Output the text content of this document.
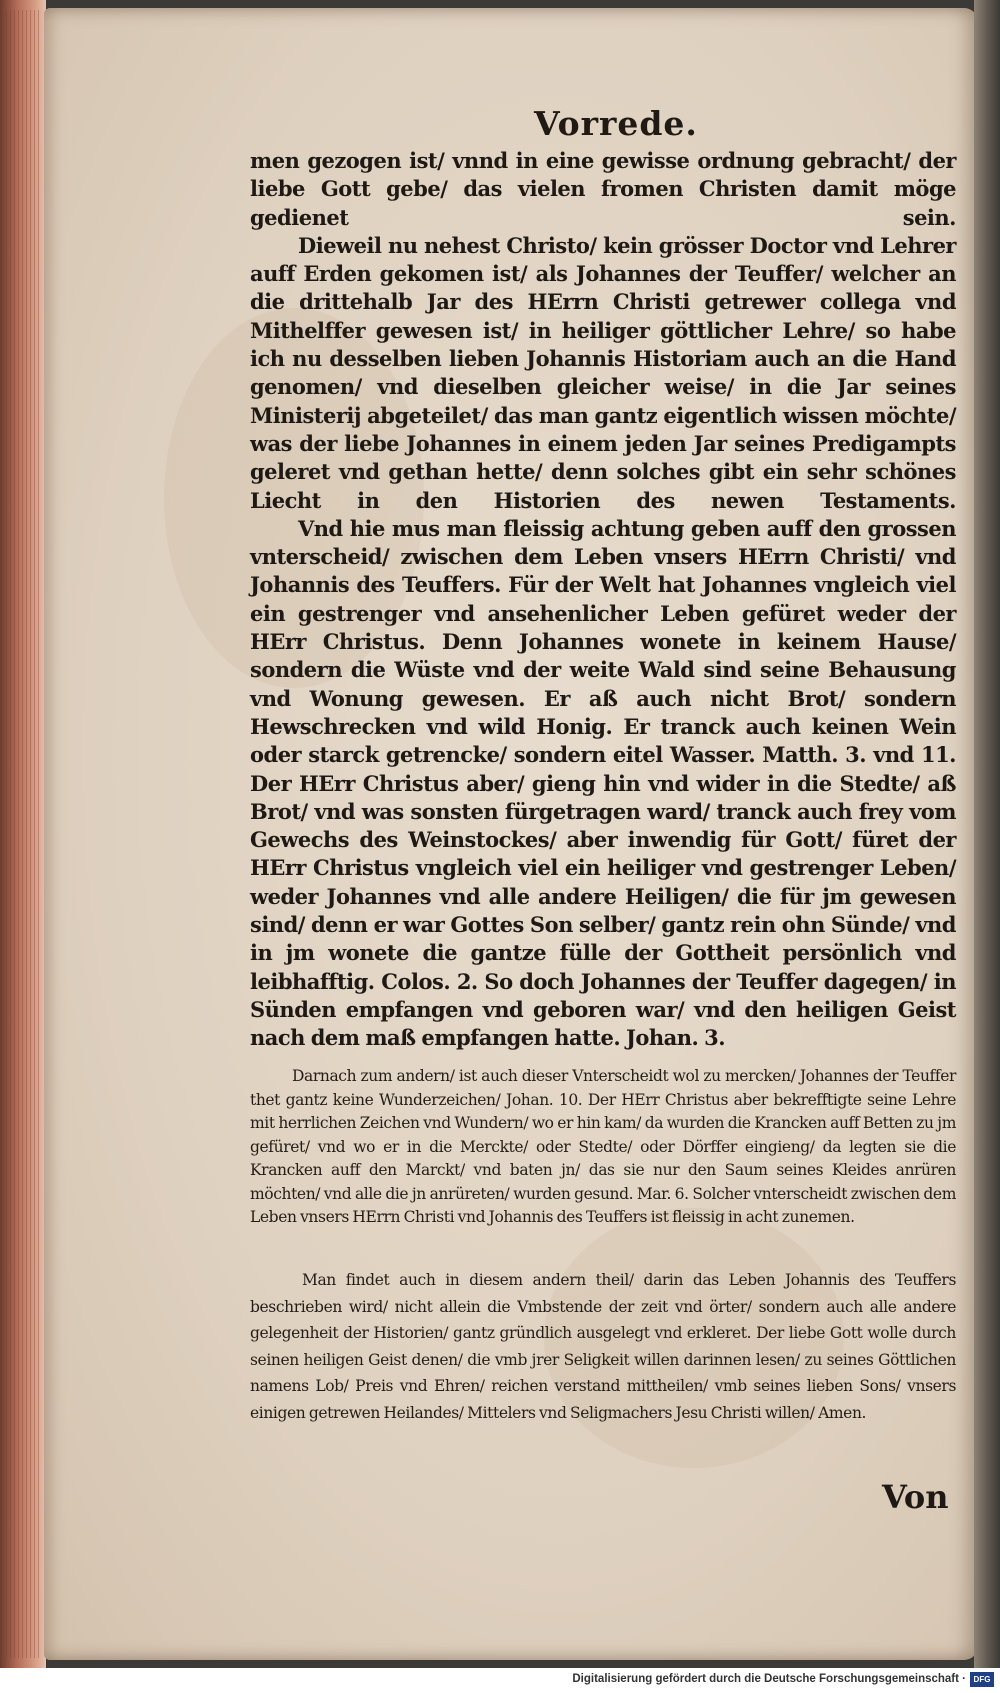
Vorrede.

men gezogen ist/ vnnd in eine gewisse ordnung gebracht/ der liebe Gott gebe/ das vielen fromen Christen damit möge gedienet sein.

Dieweil nu nehest Christo/ kein grösser Doctor vnd Lehrer auff Erden gekomen ist/ als Johannes der Teuffer/ welcher an die drittehalb Jar des HErrn Christi getrewer collega vnd Mithelffer gewesen ist/ in heiliger göttlicher Lehre/ so habe ich nu desselben lieben Johannis Historiam auch an die Hand genomen/ vnd dieselben gleicher weise/ in die Jar seines Ministerij abgeteilet/ das man gantz eigentlich wissen möchte/ was der liebe Johannes in einem jeden Jar seines Predigampts geleret vnd gethan hette/ denn solches gibt ein sehr schönes Liecht in den Historien des newen Testaments.

Vnd hie mus man fleissig achtung geben auff den grossen vnterscheid/ zwischen dem Leben vnsers HErrn Christi/ vnd Johannis des Teuffers. Für der Welt hat Johannes vngleich viel ein gestrenger vnd ansehenlicher Leben gefüret weder der HErr Christus. Denn Johannes wonete in keinem Hause/ sondern die Wüste vnd der weite Wald sind seine Behausung vnd Wonung gewesen. Er aß auch nicht Brot/ sondern Hewschrecken vnd wild Honig. Er tranck auch keinen Wein oder starck getrencke/ sondern eitel Wasser. Matth. 3. vnd 11. Der HErr Christus aber/ gieng hin vnd wider in die Stedte/ aß Brot/ vnd was sonsten fürgetragen ward/ tranck auch frey vom Gewechs des Weinstockes/ aber inwendig für Gott/ füret der HErr Christus vngleich viel ein heiliger vnd gestrenger Leben/ weder Johannes vnd alle andere Heiligen/ die für jm gewesen sind/ denn er war Gottes Son selber/ gantz rein ohn Sünde/ vnd in jm wonete die gantze fülle der Gottheit persönlich vnd leibhafftig. Colos. 2. So doch Johannes der Teuffer dagegen/ in Sünden empfangen vnd geboren war/ vnd den heiligen Geist nach dem maß empfangen hatte. Johan. 3.

Darnach zum andern/ ist auch dieser Vnterscheidt wol zu mercken/ Johannes der Teuffer thet gantz keine Wunderzeichen/ Johan. 10. Der HErr Christus aber bekrefftigte seine Lehre mit herrlichen Zeichen vnd Wundern/ wo er hin kam/ da wurden die Krancken auff Betten zu jm gefüret/ vnd wo er in die Merckte/ oder Stedte/ oder Dörffer eingieng/ da legten sie die Krancken auff den Marckt/ vnd baten jn/ das sie nur den Saum seines Kleides anrüren möchten/ vnd alle die jn anrüreten/ wurden gesund. Mar. 6. Solcher vnterscheidt zwischen dem Leben vnsers HErrn Christi vnd Johannis des Teuffers ist fleissig in acht zunemen.

Man findet auch in diesem andern theil/ darin das Leben Johannis des Teuffers beschrieben wird/ nicht allein die Vmbstende der zeit vnd örter/ sondern auch alle andere gelegenheit der Historien/ gantz gründlich ausgelegt vnd erkleret. Der liebe Gott wolle durch seinen heiligen Geist denen/ die vmb jrer Seligkeit willen darinnen lesen/ zu seines Göttlichen namens Lob/ Preis vnd Ehren/ reichen verstand mittheilen/ vmb seines lieben Sons/ vnsers einigen getrewen Heilandes/ Mittelers vnd Seligmachers Jesu Christi willen/ Amen.

Von

Digitalisierung gefördert durch die Deutsche Forschungsgemeinschaft · DFG
